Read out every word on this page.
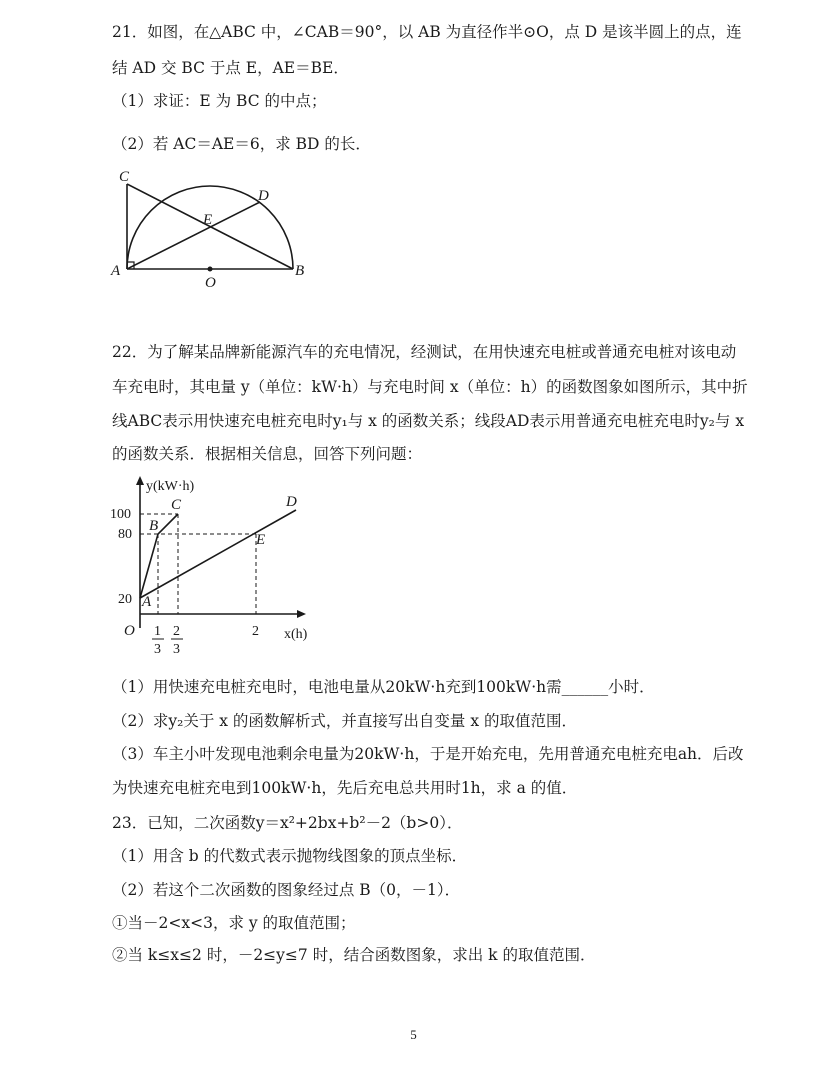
21．如图，在△ABC 中，∠CAB＝90°，以 AB 为直径作半⊙O，点 D 是该半圆上的点，连
结 AD 交 BC 于点 E，AE＝BE．
（1）求证：E 为 BC 的中点；
（2）若 AC＝AE＝6，求 BD 的长．
C
D
E
A
O
B
22．为了解某品牌新能源汽车的充电情况，经测试，在用快速充电桩或普通充电桩对该电动
车充电时，其电量 y（单位：kW·h）与充电时间 x（单位：h）的函数图象如图所示，其中折
线ABC表示用快速充电桩充电时y₁与 x 的函数关系；线段AD表示用普通充电桩充电时y₂与 x
的函数关系．根据相关信息，回答下列问题：
100
80
20
O 1
3
2
3
2
y(kW·h)
x(h)
A
B
C	D
E
（1）用快速充电桩充电时，电池电量从20kW·h充到100kW·h需______小时．
（2）求y₂关于 x 的函数解析式，并直接写出自变量 x 的取值范围．
（3）车主小叶发现电池剩余电量为20kW·h，于是开始充电，先用普通充电桩充电ah．后改
为快速充电桩充电到100kW·h，先后充电总共用时1h，求 a 的值．
23．已知，二次函数y＝x²+2bx+b²－2（b>0）．
（1）用含 b 的代数式表示抛物线图象的顶点坐标．
（2）若这个二次函数的图象经过点 B（0，－1）．
①当－2<x<3，求 y 的取值范围；
②当 k≤x≤2 时，－2≤y≤7 时，结合函数图象，求出 k 的取值范围．
5
